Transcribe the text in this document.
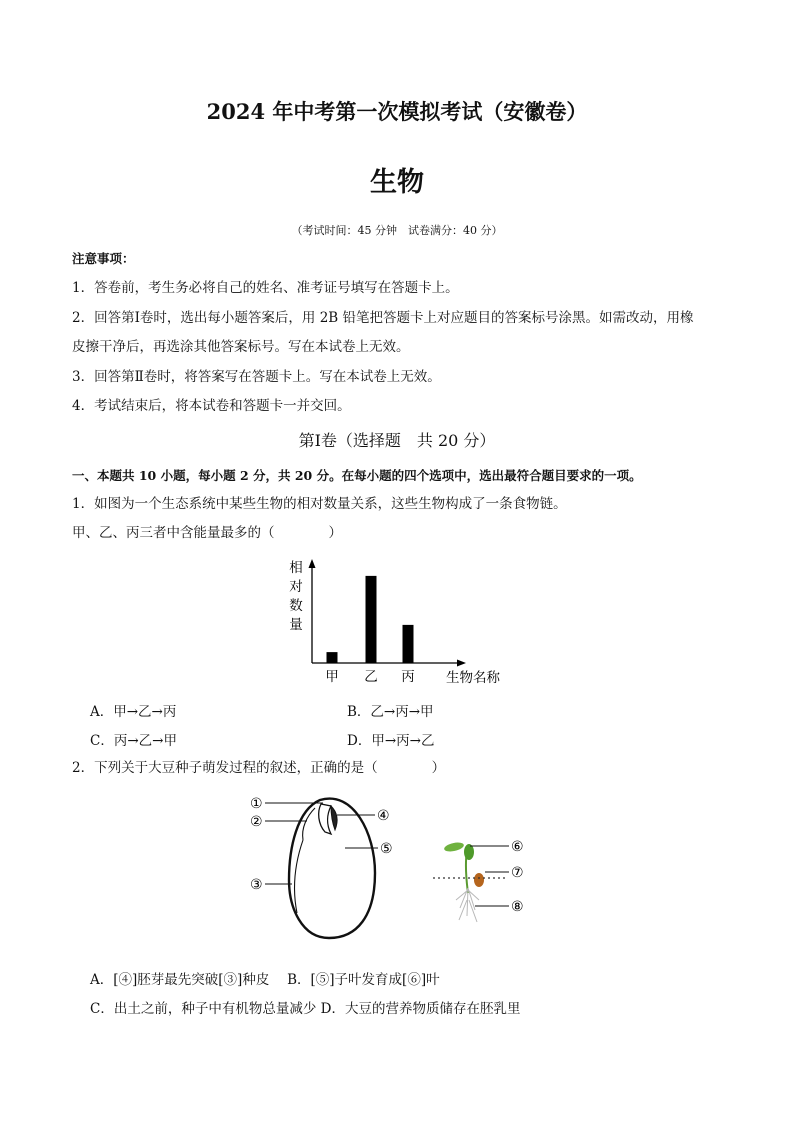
2024 年中考第一次模拟考试（安徽卷）
生物
（考试时间：45 分钟　试卷满分：40 分）
注意事项：
1．答卷前，考生务必将自己的姓名、准考证号填写在答题卡上。
2．回答第Ⅰ卷时，选出每小题答案后，用 2B 铅笔把答题卡上对应题目的答案标号涂黑。如需改动，用橡
皮擦干净后，再选涂其他答案标号。写在本试卷上无效。
3．回答第Ⅱ卷时，将答案写在答题卡上。写在本试卷上无效。
4．考试结束后，将本试卷和答题卡一并交回。
第Ⅰ卷（选择题　共 20 分）
一、本题共 10 小题，每小题 2 分，共 20 分。在每小题的四个选项中，选出最符合题目要求的一项。
1．如图为一个生态系统中某些生物的相对数量关系，这些生物构成了一条食物链。
甲、乙、丙三者中含能量最多的（　　　　）
相
对
数
量
甲 乙 丙 生物名称
A．甲→乙→丙	B．乙→丙→甲
C．丙→乙→甲	D．甲→丙→乙
2．下列关于大豆种子萌发过程的叙述，正确的是（　　　　）
①
②
③
④
⑤	⑥
⑦
⑧
A．[④]胚芽最先突破[③]种皮　 B．[⑤]子叶发育成[⑥]叶
C．出土之前，种子中有机物总量减少 D．大豆的营养物质储存在胚乳里
